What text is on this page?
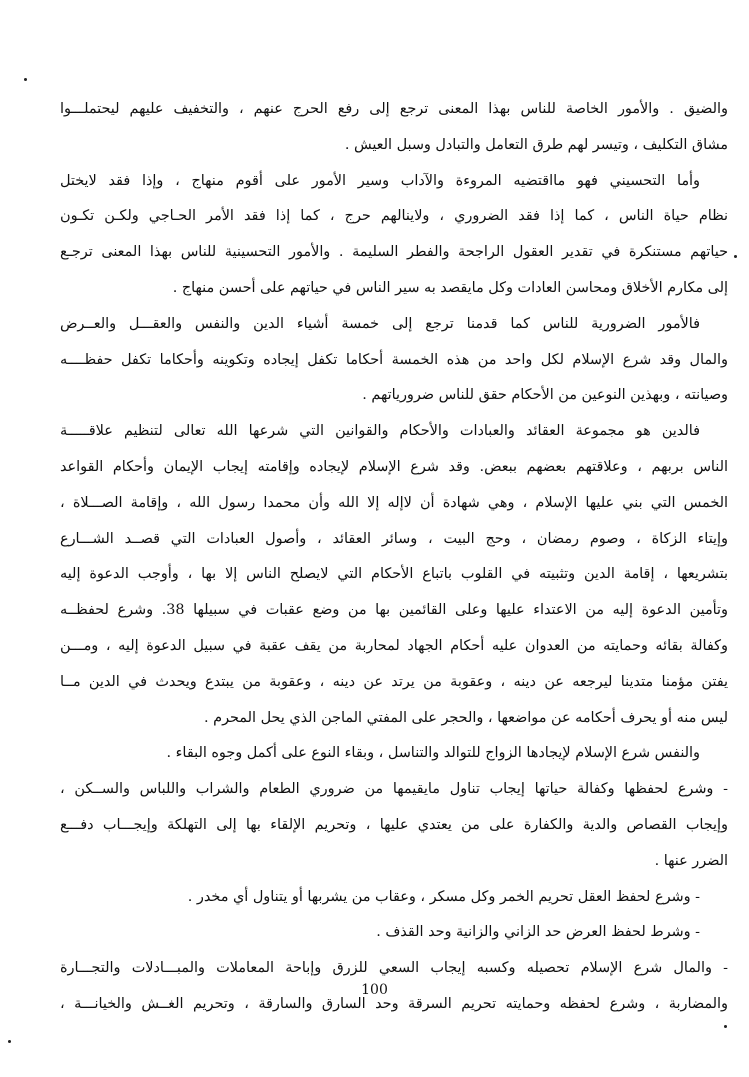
والضيق . والأمور الخاصة للناس بهذا المعنى ترجع إلى رفع الحرج عنهم ، والتخفيف عليهم ليحتملـــوا
مشاق التكليف ، وتيسر لهم طرق التعامل والتبادل وسبل العيش .
وأما التحسيني فهو مااقتضيه المروءة والآداب وسير الأمور على أقوم منهاج ، وإذا فقد لايختل
نظام حياة الناس ، كما إذا فقد الضروري ، ولاينالهم حرج ، كما إذا فقد الأمر الحـاجي ولكـن تكـون
حياتهم مستنكرة في تقدير العقول الراجحة والفطر السليمة . والأمور التحسينية للناس بهذا المعنى ترجـع
إلى مكارم الأخلاق ومحاسن العادات وكل مايقصد به سير الناس في حياتهم على أحسن منهاج .
فالأمور الضرورية للناس كما قدمنا ترجع إلى خمسة أشياء الدين والنفس والعقـــل والعــرض
والمال وقد شرع الإسلام لكل واحد من هذه الخمسة أحكاما تكفل إيجاده وتكوينه وأحكاما تكفل حفظــــه
وصيانته ، وبهذين النوعين من الأحكام حقق للناس ضرورياتهم .
فالدين هو مجموعة العقائد والعبادات والأحكام والقوانين التي شرعها الله تعالى لتنظيم علاقـــــة
الناس بربهم ، وعلاقتهم بعضهم ببعض. وقد شرع الإسلام لإيجاده وإقامته إيجاب الإيمان وأحكام القواعد
الخمس التي بني عليها الإسلام ، وهي شهادة أن لاإله إلا الله وأن محمدا رسول الله ، وإقامة الصـــلاة ،
وإيتاء الزكاة ، وصوم رمضان ، وحج البيت ، وسائر العقائد ، وأصول العبادات التي قصــد الشـــارع
بتشريعها ، إقامة الدين وتثبيته في القلوب باتباع الأحكام التي لايصلح الناس إلا بها ، وأوجب الدعوة إليه
وتأمين الدعوة إليه من الاعتداء عليها وعلى القائمين بها من وضع عقبات في سبيلها 38. وشرع لحفظــه
وكفالة بقائه وحمايته من العدوان عليه أحكام الجهاد لمحاربة من يقف عقبة في سبيل الدعوة إليه ، ومـــن
يفتن مؤمنا متدينا ليرجعه عن دينه ، وعقوبة من يرتد عن دينه ، وعقوبة من يبتدع ويحدث في الدين مــا
ليس منه أو يحرف أحكامه عن مواضعها ، والحجر على المفتي الماجن الذي يحل المحرم .
والنفس شرع الإسلام لإيجادها الزواج للتوالد والتناسل ، وبقاء النوع على أكمل وجوه البقاء .
- وشرع لحفظها وكفالة حياتها إيجاب تناول مايقيمها من ضروري الطعام والشراب واللباس والســكن ،
وإيجاب القصاص والدية والكفارة على من يعتدي عليها ، وتحريم الإلقاء بها إلى التهلكة وإيجـــاب دفـــع
الضرر عنها .
- وشرع لحفظ العقل تحريم الخمر وكل مسكر ، وعقاب من يشربها أو يتناول أي مخدر .
- وشرط لحفظ العرض حد الزاني والزانية وحد القذف .
- والمال شرع الإسلام تحصيله وكسبه إيجاب السعي للزرق وإباحة المعاملات والمبـــادلات والتجـــارة
والمضاربة ، وشرع لحفظه وحمايته تحريم السرقة وحد السارق والسارقة ، وتحريم الغــش والخيانـــة ،
100
